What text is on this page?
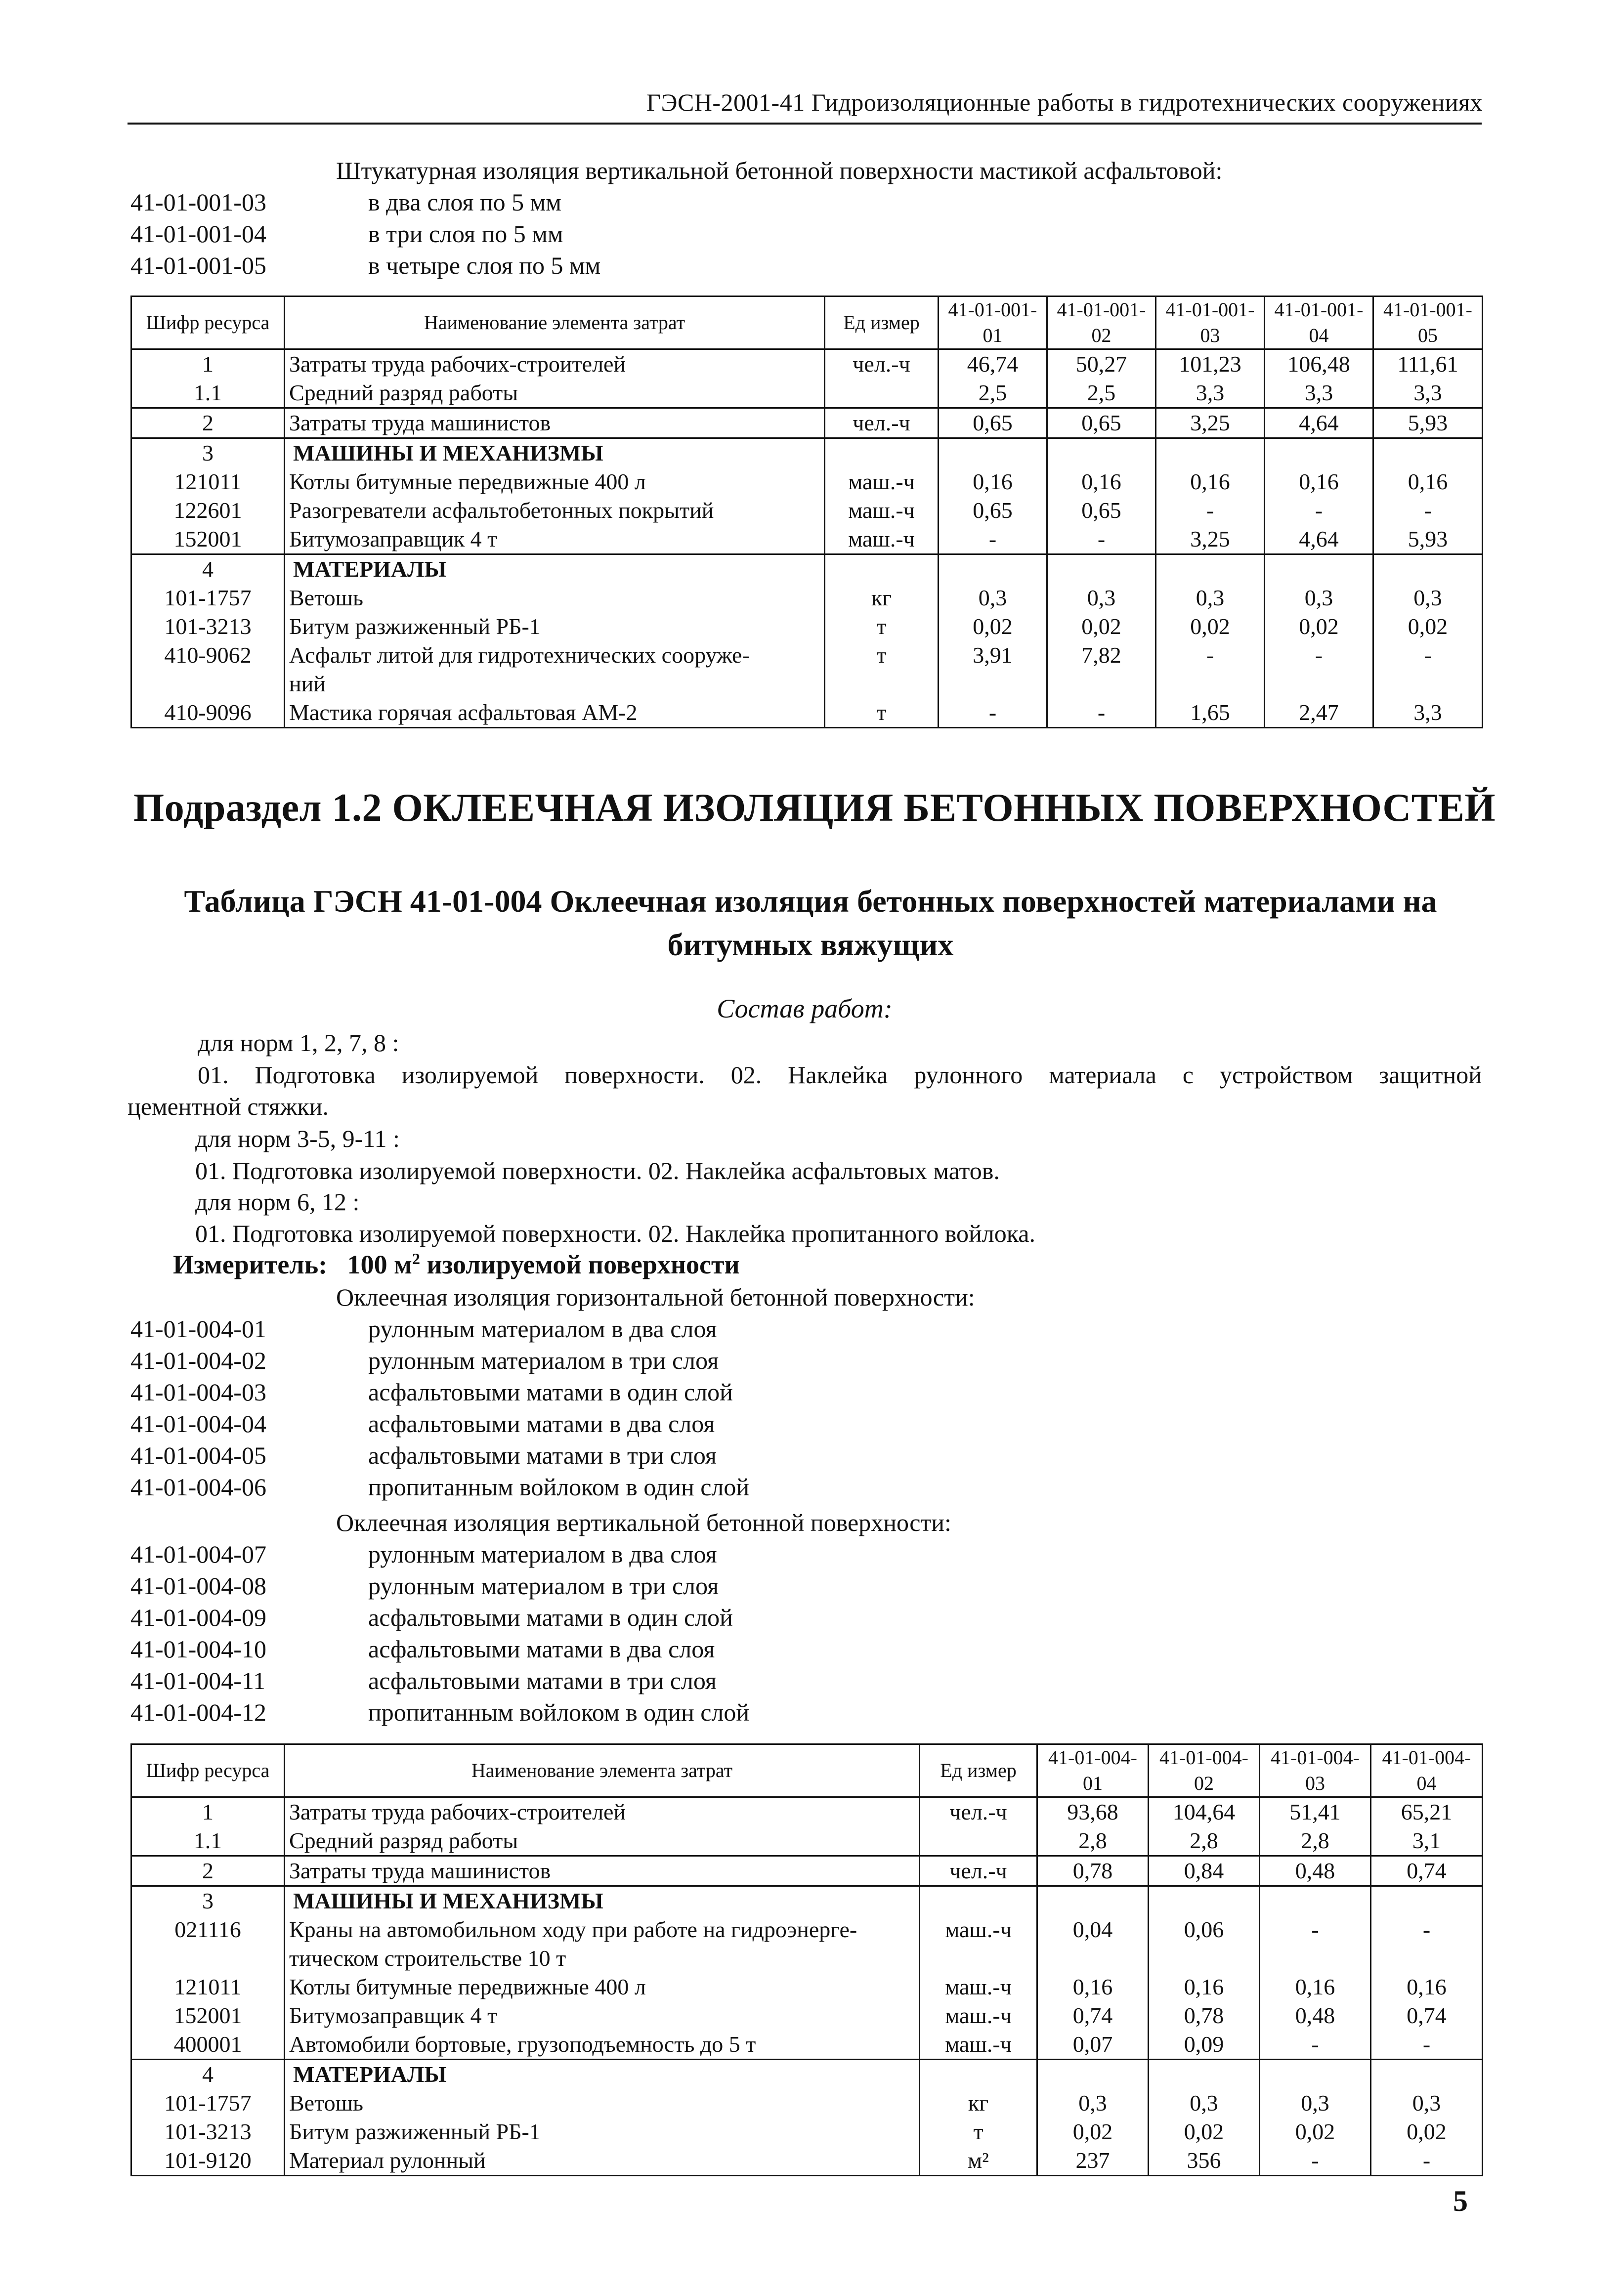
ГЭСН-2001-41 Гидроизоляционные работы в гидротехнических сооружениях
Штукатурная изоляция вертикальной бетонной поверхности мастикой асфальтовой:
41-01-001-03	в два слоя по 5 мм
41-01-001-04	в три слоя по 5 мм
41-01-001-05	в четыре слоя по 5 мм
Шифр ресурса	Наименование элемента затрат	Ед измер	41-01-001-01	41-01-001-02	41-01-001-03	41-01-001-04	41-01-001-05
1	Затраты труда рабочих-строителей	чел.-ч	46,74	50,27	101,23	106,48	111,61
1.1	Средний разряд работы		2,5	2,5	3,3	3,3	3,3
2	Затраты труда машинистов	чел.-ч	0,65	0,65	3,25	4,64	5,93
3	МАШИНЫ И МЕХАНИЗМЫ						
121011	Котлы битумные передвижные 400 л	маш.-ч	0,16	0,16	0,16	0,16	0,16
122601	Разогреватели асфальтобетонных покрытий	маш.-ч	0,65	0,65	-	-	-
152001	Битумозаправщик 4 т	маш.-ч	-	-	3,25	4,64	5,93
4	МАТЕРИАЛЫ						
101-1757	Ветошь	кг	0,3	0,3	0,3	0,3	0,3
101-3213	Битум разжиженный РБ-1	т	0,02	0,02	0,02	0,02	0,02
410-9062	Асфальт литой для гидротехнических сооруже-	т	3,91	7,82	-	-	-
	ний						
410-9096	Мастика горячая асфальтовая АМ-2	т	-	-	1,65	2,47	3,3
Подраздел 1.2 ОКЛЕЕЧНАЯ ИЗОЛЯЦИЯ БЕТОННЫХ ПОВЕРХНОСТЕЙ
Таблица ГЭСН 41-01-004 Оклеечная изоляция бетонных поверхностей материалами на
битумных вяжущих
Состав работ:
для норм 1, 2, 7, 8 :
01. Подготовка изолируемой поверхности. 02. Наклейка рулонного материала с устройством защитной
цементной стяжки.
для норм 3-5, 9-11 :
01. Подготовка изолируемой поверхности. 02. Наклейка асфальтовых матов.
для норм 6, 12 :
01. Подготовка изолируемой поверхности. 02. Наклейка пропитанного войлока.
Измеритель: 100 $м^2$ изолируемой поверхности
Оклеечная изоляция горизонтальной бетонной поверхности:
41-01-004-01	рулонным материалом в два слоя
41-01-004-02	рулонным материалом в три слоя
41-01-004-03	асфальтовыми матами в один слой
41-01-004-04	асфальтовыми матами в два слоя
41-01-004-05	асфальтовыми матами в три слоя
41-01-004-06	пропитанным войлоком в один слой
Оклеечная изоляция вертикальной бетонной поверхности:
41-01-004-07	рулонным материалом в два слоя
41-01-004-08	рулонным материалом в три слоя
41-01-004-09	асфальтовыми матами в один слой
41-01-004-10	асфальтовыми матами в два слоя
41-01-004-11	асфальтовыми матами в три слоя
41-01-004-12	пропитанным войлоком в один слой
Шифр ресурса	Наименование элемента затрат	Ед измер	41-01-004-01	41-01-004-02	41-01-004-03	41-01-004-04
1	Затраты труда рабочих-строителей	чел.-ч	93,68	104,64	51,41	65,21
1.1	Средний разряд работы		2,8	2,8	2,8	3,1
2	Затраты труда машинистов	чел.-ч	0,78	0,84	0,48	0,74
3	МАШИНЫ И МЕХАНИЗМЫ					
021116	Краны на автомобильном ходу при работе на гидроэнерге-	маш.-ч	0,04	0,06	-	-
	тическом строительстве 10 т					
121011	Котлы битумные передвижные 400 л	маш.-ч	0,16	0,16	0,16	0,16
152001	Битумозаправщик 4 т	маш.-ч	0,74	0,78	0,48	0,74
400001	Автомобили бортовые, грузоподъемность до 5 т	маш.-ч	0,07	0,09	-	-
4	МАТЕРИАЛЫ					
101-1757	Ветошь	кг	0,3	0,3	0,3	0,3
101-3213	Битум разжиженный РБ-1	т	0,02	0,02	0,02	0,02
101-9120	Материал рулонный	м²	237	356	-	-
5
